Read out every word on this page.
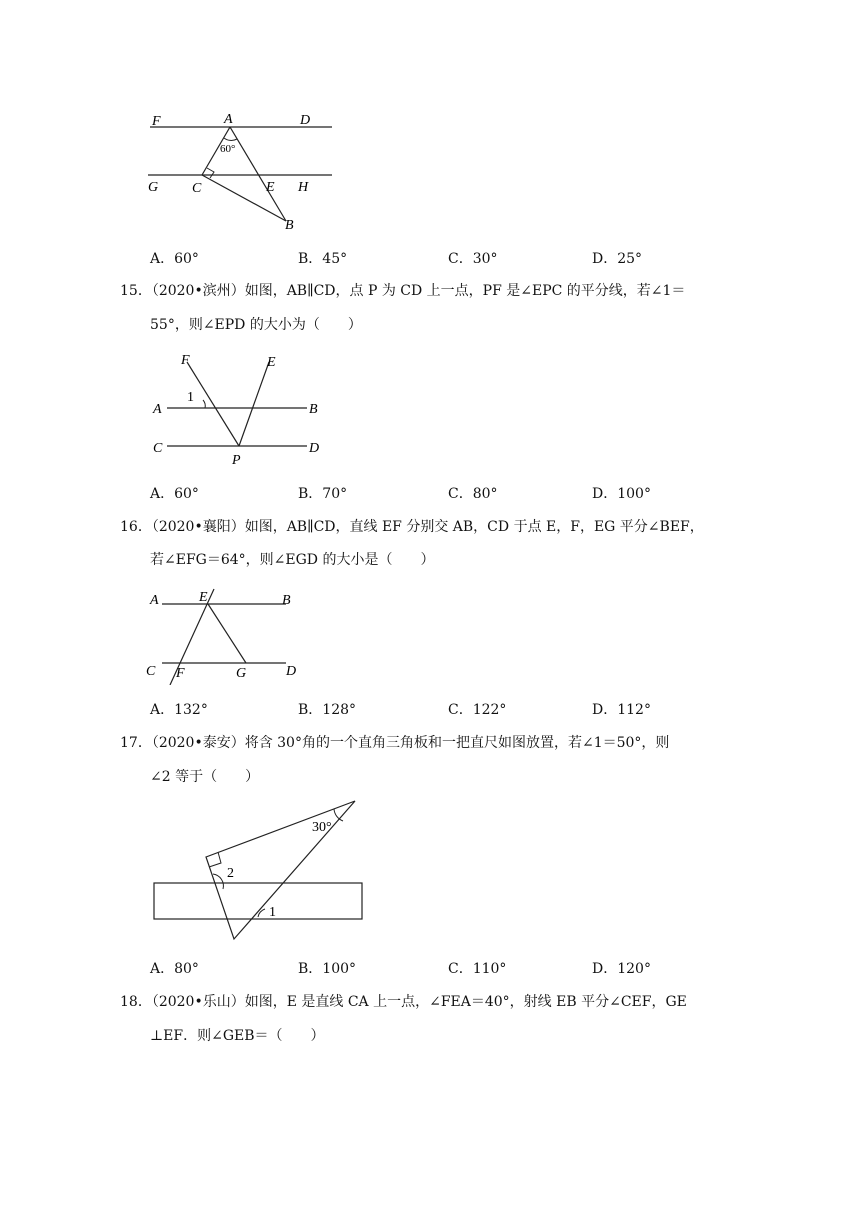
F	A	D
60°
G C	E H
B
A．60°	B．45°	C．30°	D．25°
15．（2020•滨州）如图，AB∥CD，点 P 为 CD 上一点，PF 是∠EPC 的平分线，若∠1＝
55°，则∠EPD 的大小为（　　）
F	E
1
A	B
C	D
P
A．60°	B．70°	C．80°	D．100°
16．（2020•襄阳）如图，AB∥CD，直线 EF 分别交 AB，CD 于点 E，F，EG 平分∠BEF，
若∠EFG＝64°，则∠EGD 的大小是（　　）
A	E	B
C F	G	D
A．132°	B．128°	C．122°	D．112°
17．（2020•泰安）将含 30°角的一个直角三角板和一把直尺如图放置，若∠1＝50°，则
∠2 等于（　　）
30°
2
1
A．80°	B．100°	C．110°	D．120°
18．（2020•乐山）如图，E 是直线 CA 上一点，∠FEA＝40°，射线 EB 平分∠CEF，GE
⊥EF．则∠GEB＝（　　）
